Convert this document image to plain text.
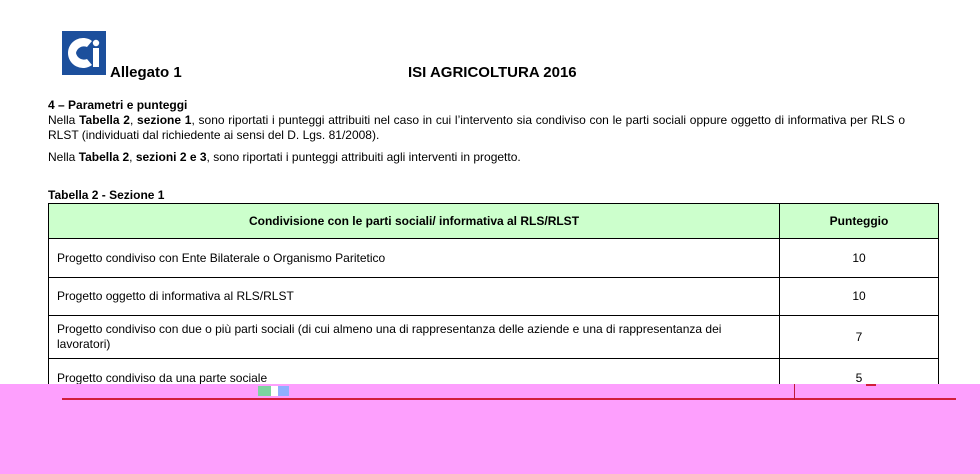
Allegato 1	ISI AGRICOLTURA 2016
4 – Parametri e punteggi
Nella Tabella 2, sezione 1, sono riportati i punteggi attribuiti nel caso in cui l’intervento sia condiviso con le parti sociali oppure oggetto di informativa per RLS o RLST (individuati dal richiedente ai sensi del D. Lgs. 81/2008).
Nella Tabella 2, sezioni 2 e 3, sono riportati i punteggi attribuiti agli interventi in progetto.
Tabella 2 - Sezione 1
Condivisione con le parti sociali/ informativa al RLS/RLST	Punteggio
Progetto condiviso con Ente Bilaterale o Organismo Paritetico	10
Progetto oggetto di informativa al RLS/RLST	10
Progetto condiviso con due o più parti sociali (di cui almeno una di rappresentanza delle aziende e una di rappresentanza dei lavoratori)	7
Progetto condiviso da una parte sociale	5
